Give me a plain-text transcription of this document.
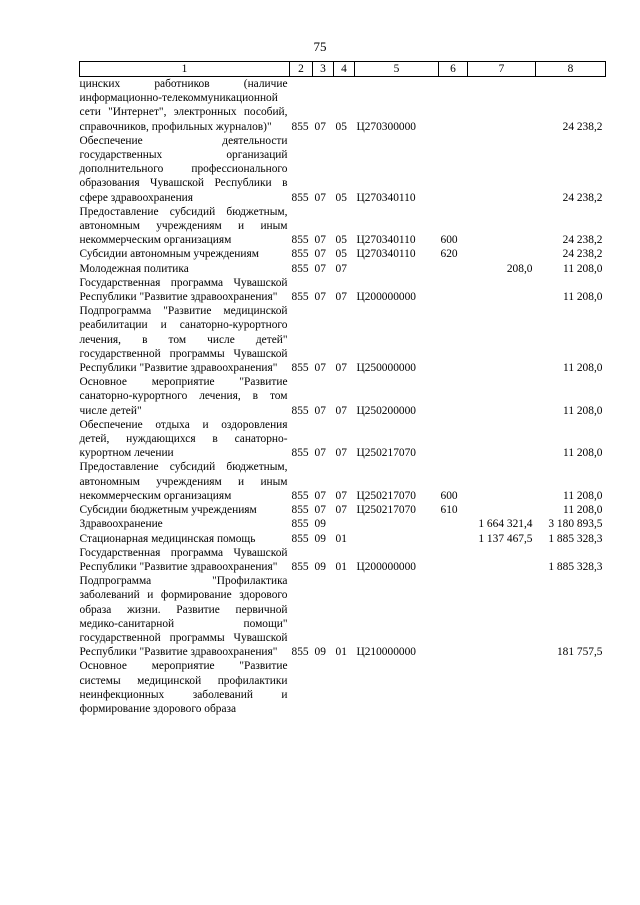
75
1	2	3	4	5	6	7	8
цинских работников (наличие информационно-телекоммуникационной сети "Интернет", электронных пособий, справочников, профильных журналов)"	855	07	05	Ц270300000			24 238,2
Обеспечение деятельности государственных организаций дополнительного профессионального образования Чувашской Республики в сфере здравоохранения	855	07	05	Ц270340110			24 238,2
Предоставление субсидий бюджетным, автономным учреждениям и иным некоммерческим организациям	855	07	05	Ц270340110	600		24 238,2
Субсидии автономным учреждениям	855	07	05	Ц270340110	620		24 238,2
Молодежная политика	855	07	07			208,0	11 208,0
Государственная программа Чувашской Республики "Развитие здравоохранения"	855	07	07	Ц200000000			11 208,0
Подпрограмма "Развитие медицинской реабилитации и санаторно-курортного лечения, в том числе детей" государственной программы Чувашской Республики "Развитие здравоохранения"	855	07	07	Ц250000000			11 208,0
Основное мероприятие "Развитие санаторно-курортного лечения, в том числе детей"	855	07	07	Ц250200000			11 208,0
Обеспечение отдыха и оздоровления детей, нуждающихся в санаторно-курортном лечении	855	07	07	Ц250217070			11 208,0
Предоставление субсидий бюджетным, автономным учреждениям и иным некоммерческим организациям	855	07	07	Ц250217070	600		11 208,0
Субсидии бюджетным учреждениям	855	07	07	Ц250217070	610		11 208,0
Здравоохранение	855	09				1 664 321,4	3 180 893,5
Стационарная медицинская помощь	855	09	01			1 137 467,5	1 885 328,3
Государственная программа Чувашской Республики "Развитие здравоохранения"	855	09	01	Ц200000000			1 885 328,3
Подпрограмма "Профилактика заболеваний и формирование здорового образа жизни. Развитие первичной медико-санитарной помощи" государственной программы Чувашской Республики "Развитие здравоохранения"	855	09	01	Ц210000000			181 757,5
Основное мероприятие "Развитие системы медицинской профилактики неинфекционных заболеваний и формирование здорового образа							
